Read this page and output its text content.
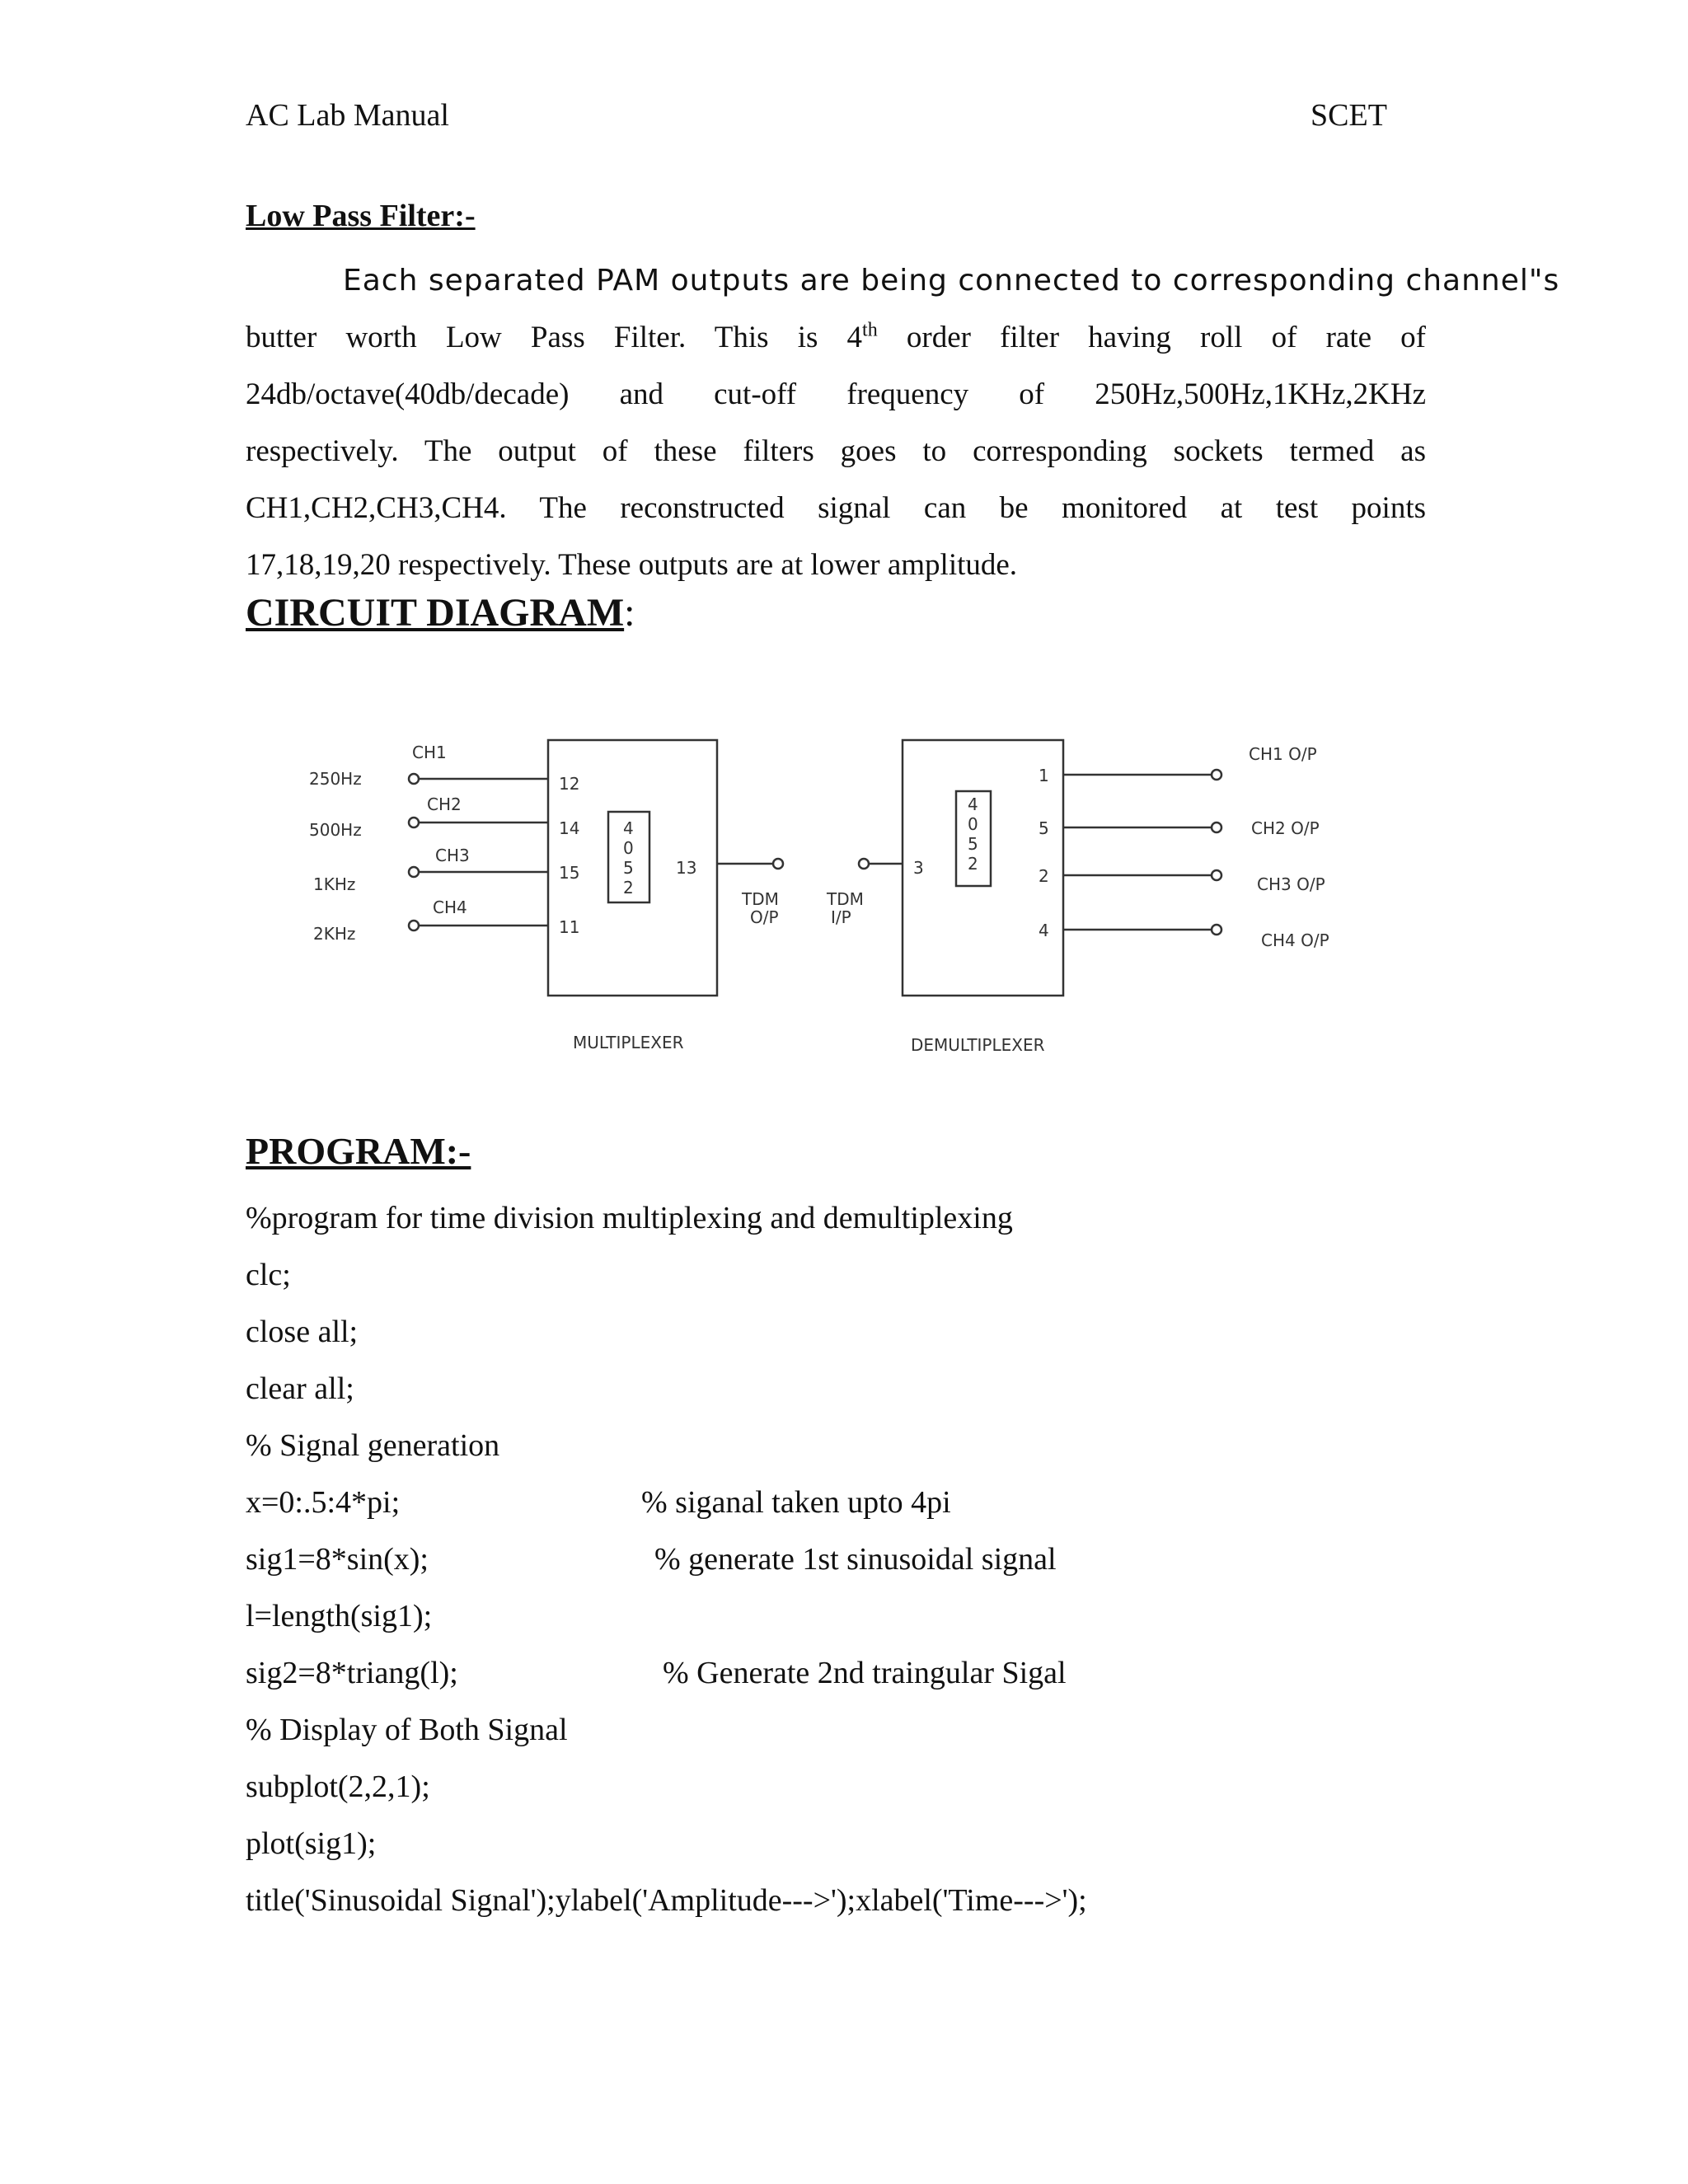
AC Lab Manual	SCET
Low Pass Filter:-
Each separated PAM outputs are being connected to corresponding channel"s
butter worth Low Pass Filter. This is 4th order filter having roll of rate of
24db/octave(40db/decade) and cut-off frequency of 250Hz,500Hz,1KHz,2KHz
respectively. The output of these filters goes to corresponding sockets termed as
CH1,CH2,CH3,CH4. The reconstructed signal can be monitored at test points
17,18,19,20 respectively. These outputs are at lower amplitude.
CIRCUIT DIAGRAM:
250Hz
500Hz
1KHz
2KHz
CH1
CH2
CH3
CH4
12
14
15
11
13
4
0
5
2
TDM
O/P
TDM
I/P
3
1
5
2
4
4
0
5
2
CH1 O/P
CH2 O/P
CH3 O/P
CH4 O/P
MULTIPLEXER	DEMULTIPLEXER
PROGRAM:-
%program for time division multiplexing and demultiplexing
clc;
close all;
clear all;
% Signal generation
x=0:.5:4*pi;	% siganal taken upto 4pi
sig1=8*sin(x);	% generate 1st sinusoidal signal
l=length(sig1);
sig2=8*triang(l);	% Generate 2nd traingular Sigal
% Display of Both Signal
subplot(2,2,1);
plot(sig1);
title('Sinusoidal Signal');ylabel('Amplitude--->');xlabel('Time--->');
